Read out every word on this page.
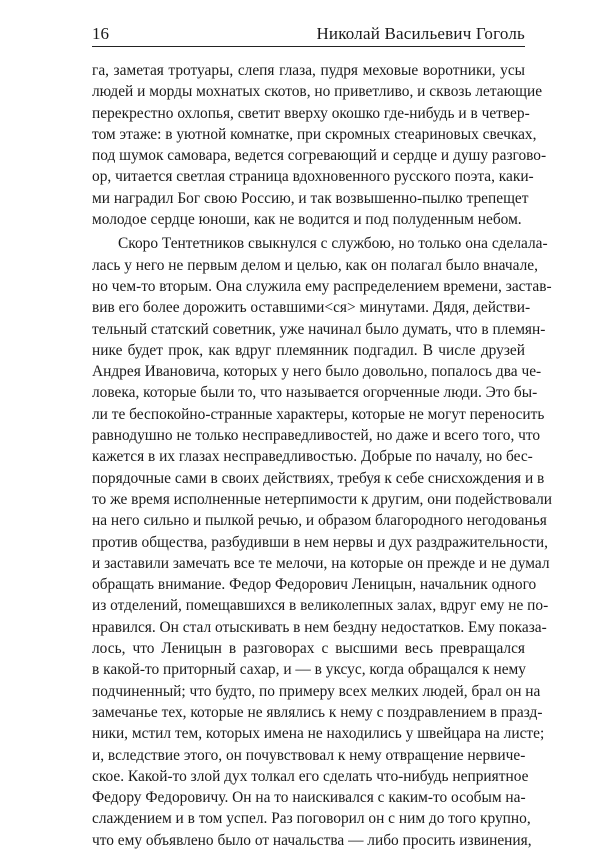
16	Николай Васильевич Гоголь
га, заметая тротуары, слепя глаза, пудря меховые воротники, усы
людей и морды мохнатых скотов, но приветливо, и сквозь летающие
перекрестно охлопья, светит вверху окошко где-нибудь и в четвер-
том этаже: в уютной комнатке, при скромных стеариновых свечках,
под шумок самовара, ведется согревающий и сердце и душу разгово-
ор, читается светлая страница вдохновенного русского поэта, каки-
ми наградил Бог свою Россию, и так возвышенно-пылко трепещет
молодое сердце юноши, как не водится и под полуденным небом.
Скоро Тентетников свыкнулся с службою, но только она сделала-
лась у него не первым делом и целью, как он полагал было вначале,
но чем-то вторым. Она служила ему распределением времени, застав-
вив его более дорожить оставшими<ся> минутами. Дядя, действи-
тельный статский советник, уже начинал было думать, что в племян-
нике будет прок, как вдруг племянник подгадил. В числе друзей
Андрея Ивановича, которых у него было довольно, попалось два че-
ловека, которые были то, что называется огорченные люди. Это бы-
ли те беспокойно-странные характеры, которые не могут переносить
равнодушно не только несправедливостей, но даже и всего того, что
кажется в их глазах несправедливостью. Добрые по началу, но бес-
порядочные сами в своих действиях, требуя к себе снисхождения и в
то же время исполненные нетерпимости к другим, они подействовали
на него сильно и пылкой речью, и образом благородного негодованья
против общества, разбудивши в нем нервы и дух раздражительности,
и заставили замечать все те мелочи, на которые он прежде и не думал
обращать внимание. Федор Федорович Леницын, начальник одного
из отделений, помещавшихся в великолепных залах, вдруг ему не по-
нравился. Он стал отыскивать в нем бездну недостатков. Ему показа-
лось, что Леницын в разговорах с высшими весь превращался
в какой-то приторный сахар, и — в уксус, когда обращался к нему
подчиненный; что будто, по примеру всех мелких людей, брал он на
замечанье тех, которые не являлись к нему с поздравлением в празд-
ники, мстил тем, которых имена не находились у швейцара на листе;
и, вследствие этого, он почувствовал к нему отвращение нервиче-
ское. Какой-то злой дух толкал его сделать что-нибудь неприятное
Федору Федоровичу. Он на то наискивался с каким-то особым на-
слаждением и в том успел. Раз поговорил он с ним до того крупно,
что ему объявлено было от начальства — либо просить извинения,
